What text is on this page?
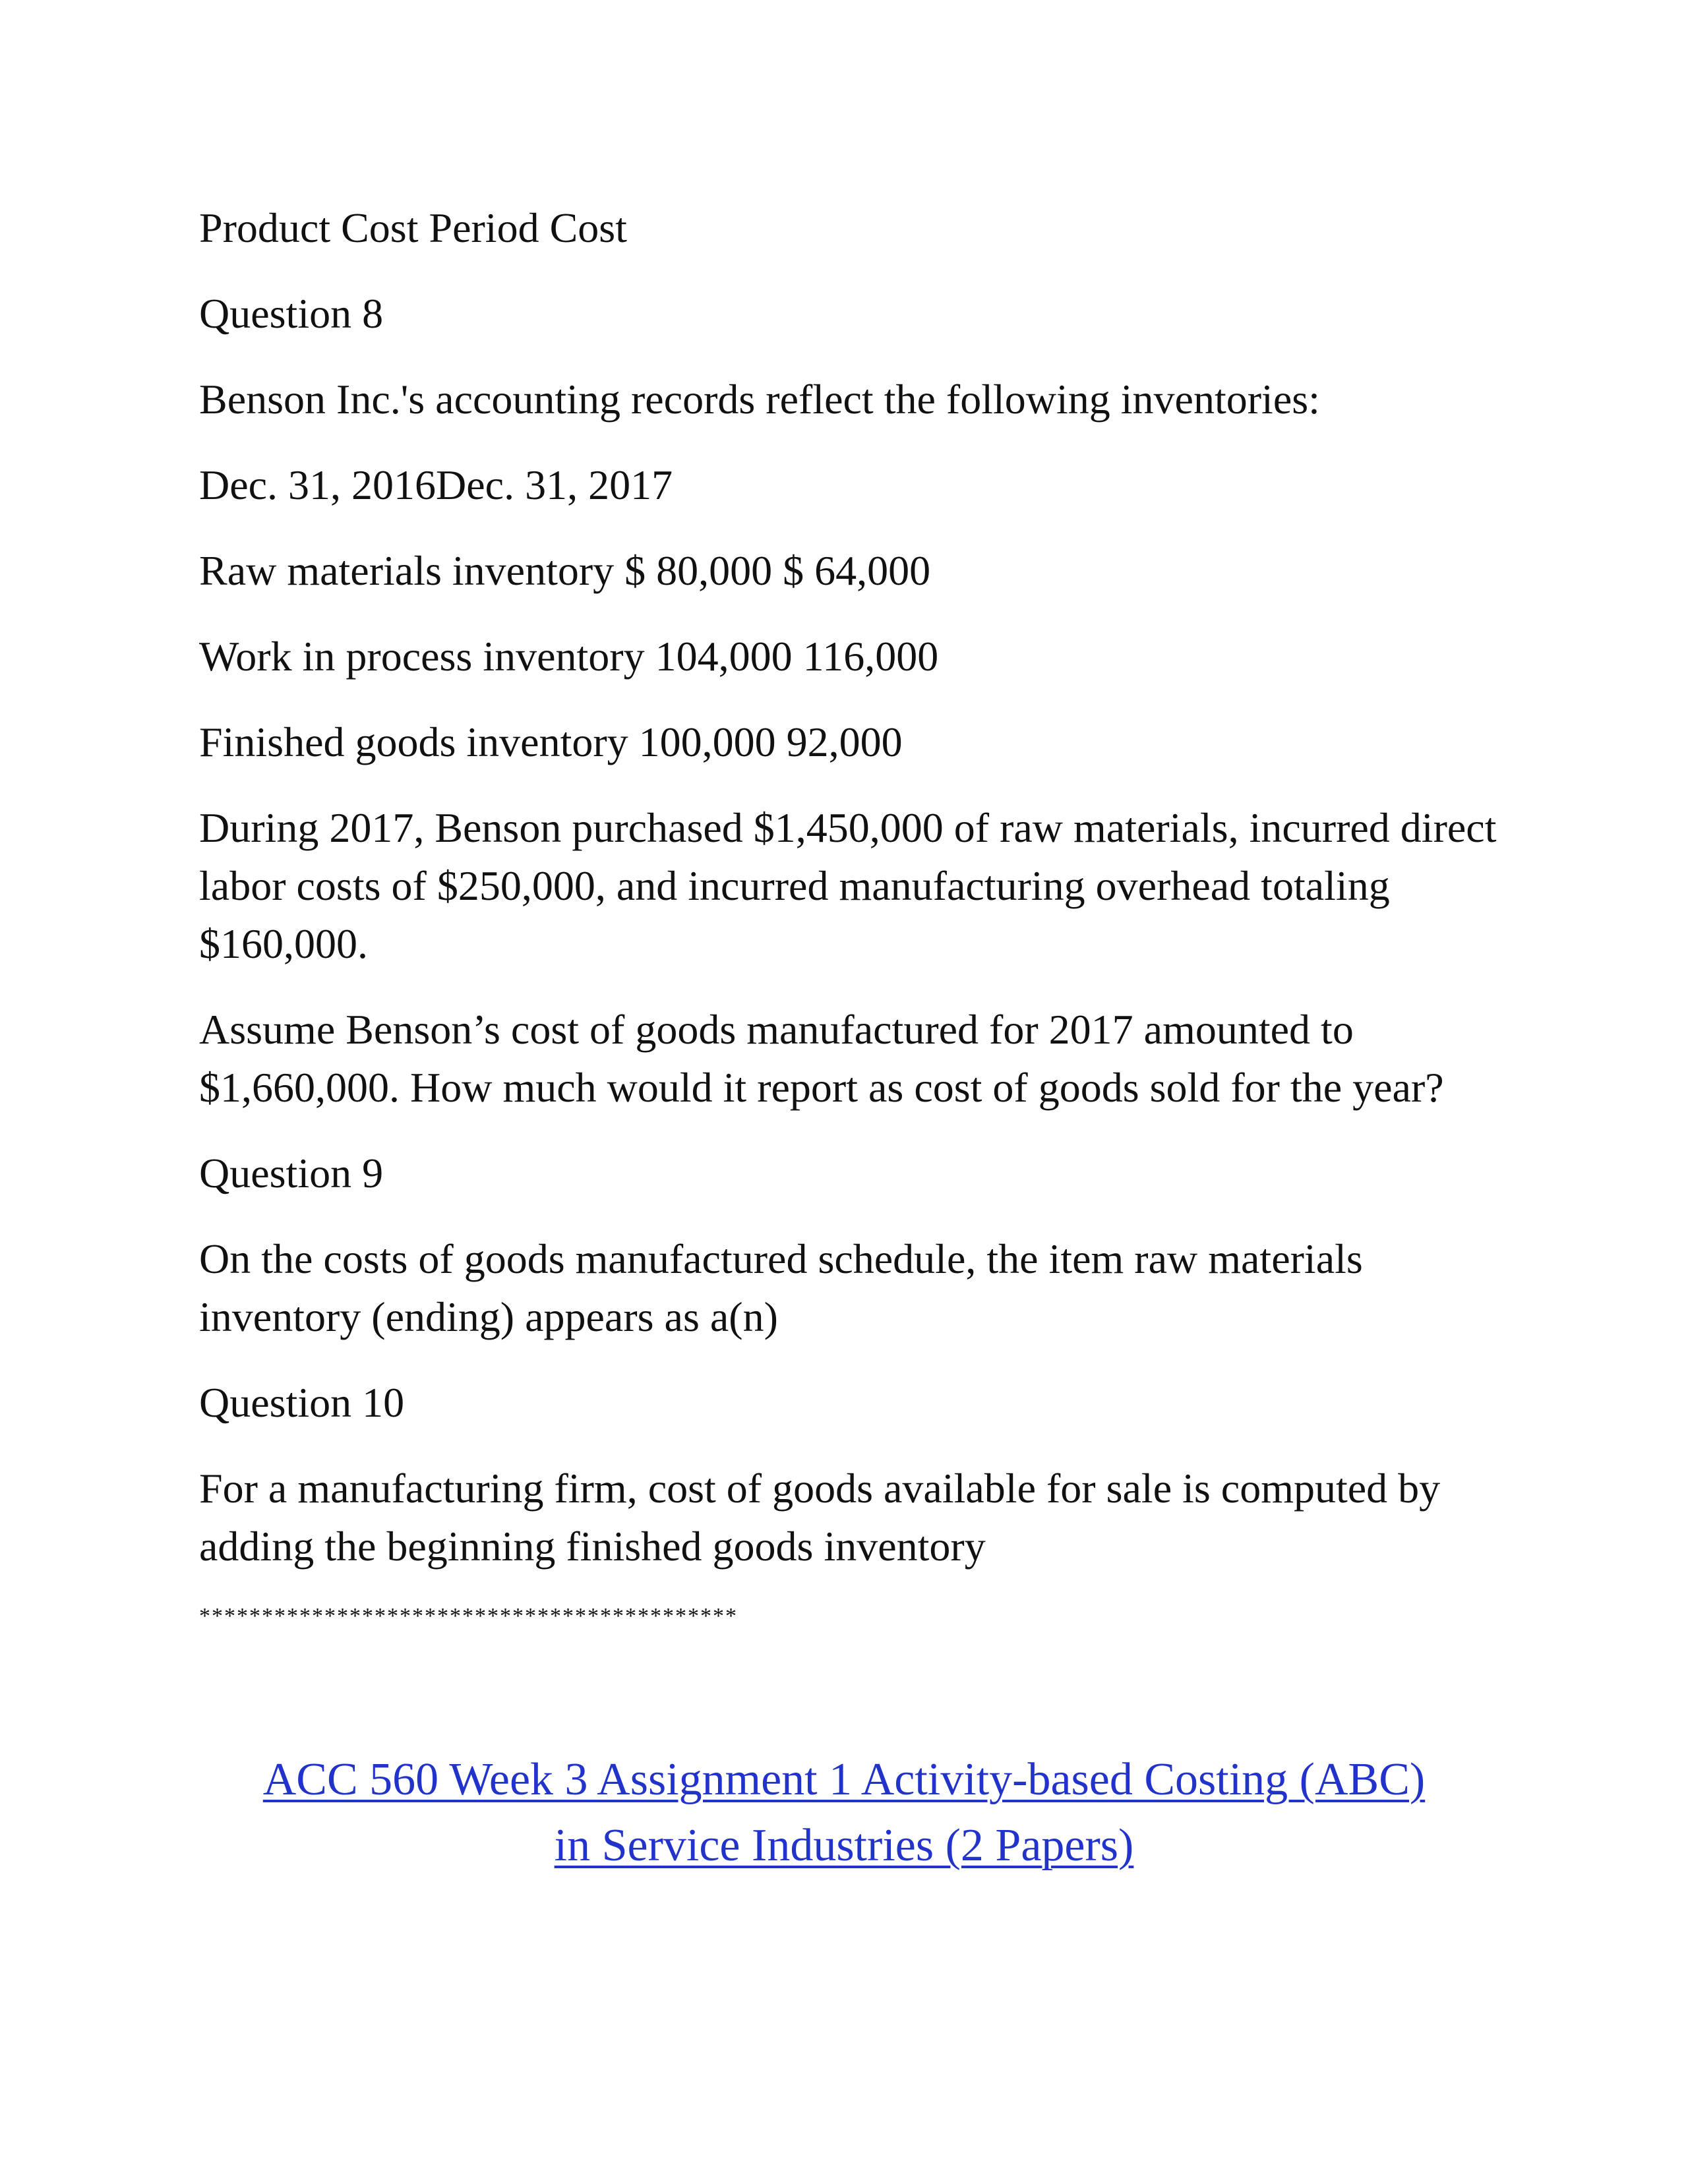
Product Cost Period Cost

Question 8

Benson Inc.'s accounting records reflect the following inventories:

Dec. 31, 2016Dec. 31, 2017

Raw materials inventory $ 80,000 $ 64,000

Work in process inventory 104,000 116,000

Finished goods inventory 100,000 92,000

During 2017, Benson purchased $1,450,000 of raw materials, incurred direct labor costs of $250,000, and incurred manufacturing overhead totaling $160,000.

Assume Benson’s cost of goods manufactured for 2017 amounted to $1,660,000. How much would it report as cost of goods sold for the year?

Question 9

On the costs of goods manufactured schedule, the item raw materials inventory (ending) appears as a(n)

Question 10

For a manufacturing firm, cost of goods available for sale is computed by adding the beginning finished goods inventory

*******************************************

ACC 560 Week 3 Assignment 1 Activity-based Costing (ABC)
in Service Industries (2 Papers)
